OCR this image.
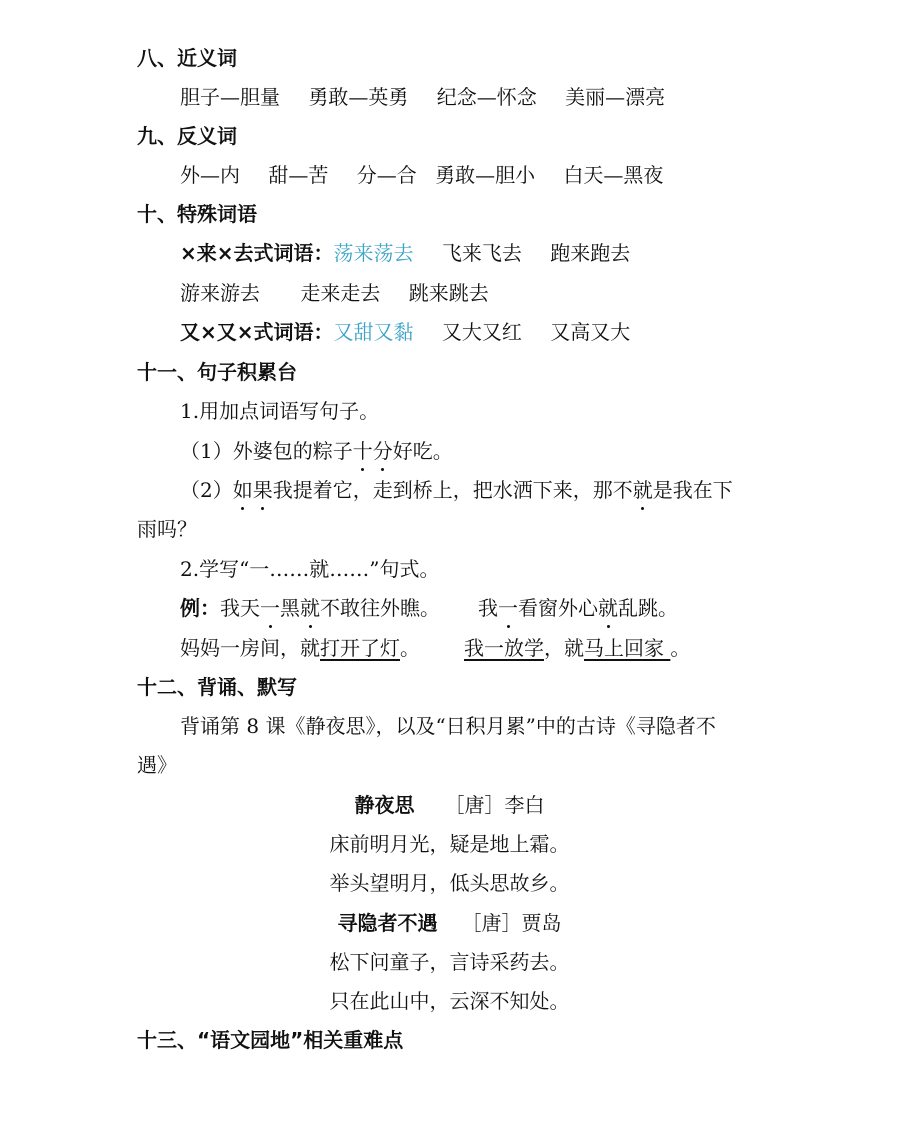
八、近义词
胆子—胆量 勇敢—英勇 纪念—怀念 美丽—漂亮
九、反义词
外—内 甜—苦 分—合 勇敢—胆小 白天—黑夜
十、特殊词语
×来×去式词语：荡来荡去 飞来飞去 跑来跑去
游来游去 走来走去 跳来跳去
又×又×式词语：又甜又黏 又大又红 又高又大
十一、句子积累台
1.用加点词语写句子。
（1）外婆包的粽子十分好吃。
（2）如果我提着它，走到桥上，把水洒下来，那不就是我在下
雨吗？
2.学写“一……就……”句式。
例：我天一黑就不敢往外瞧。 我一看窗外心就乱跳。
妈妈一房间，就打开了灯。 我一放学，就马上回家 。
十二、背诵、默写
背诵第 8 课《静夜思》，以及“日积月累”中的古诗《寻隐者不
遇》
静夜思 ［唐］李白
床前明月光，疑是地上霜。
举头望明月，低头思故乡。
寻隐者不遇 ［唐］贾岛
松下问童子，言诗采药去。
只在此山中，云深不知处。
十三、“语文园地”相关重难点
